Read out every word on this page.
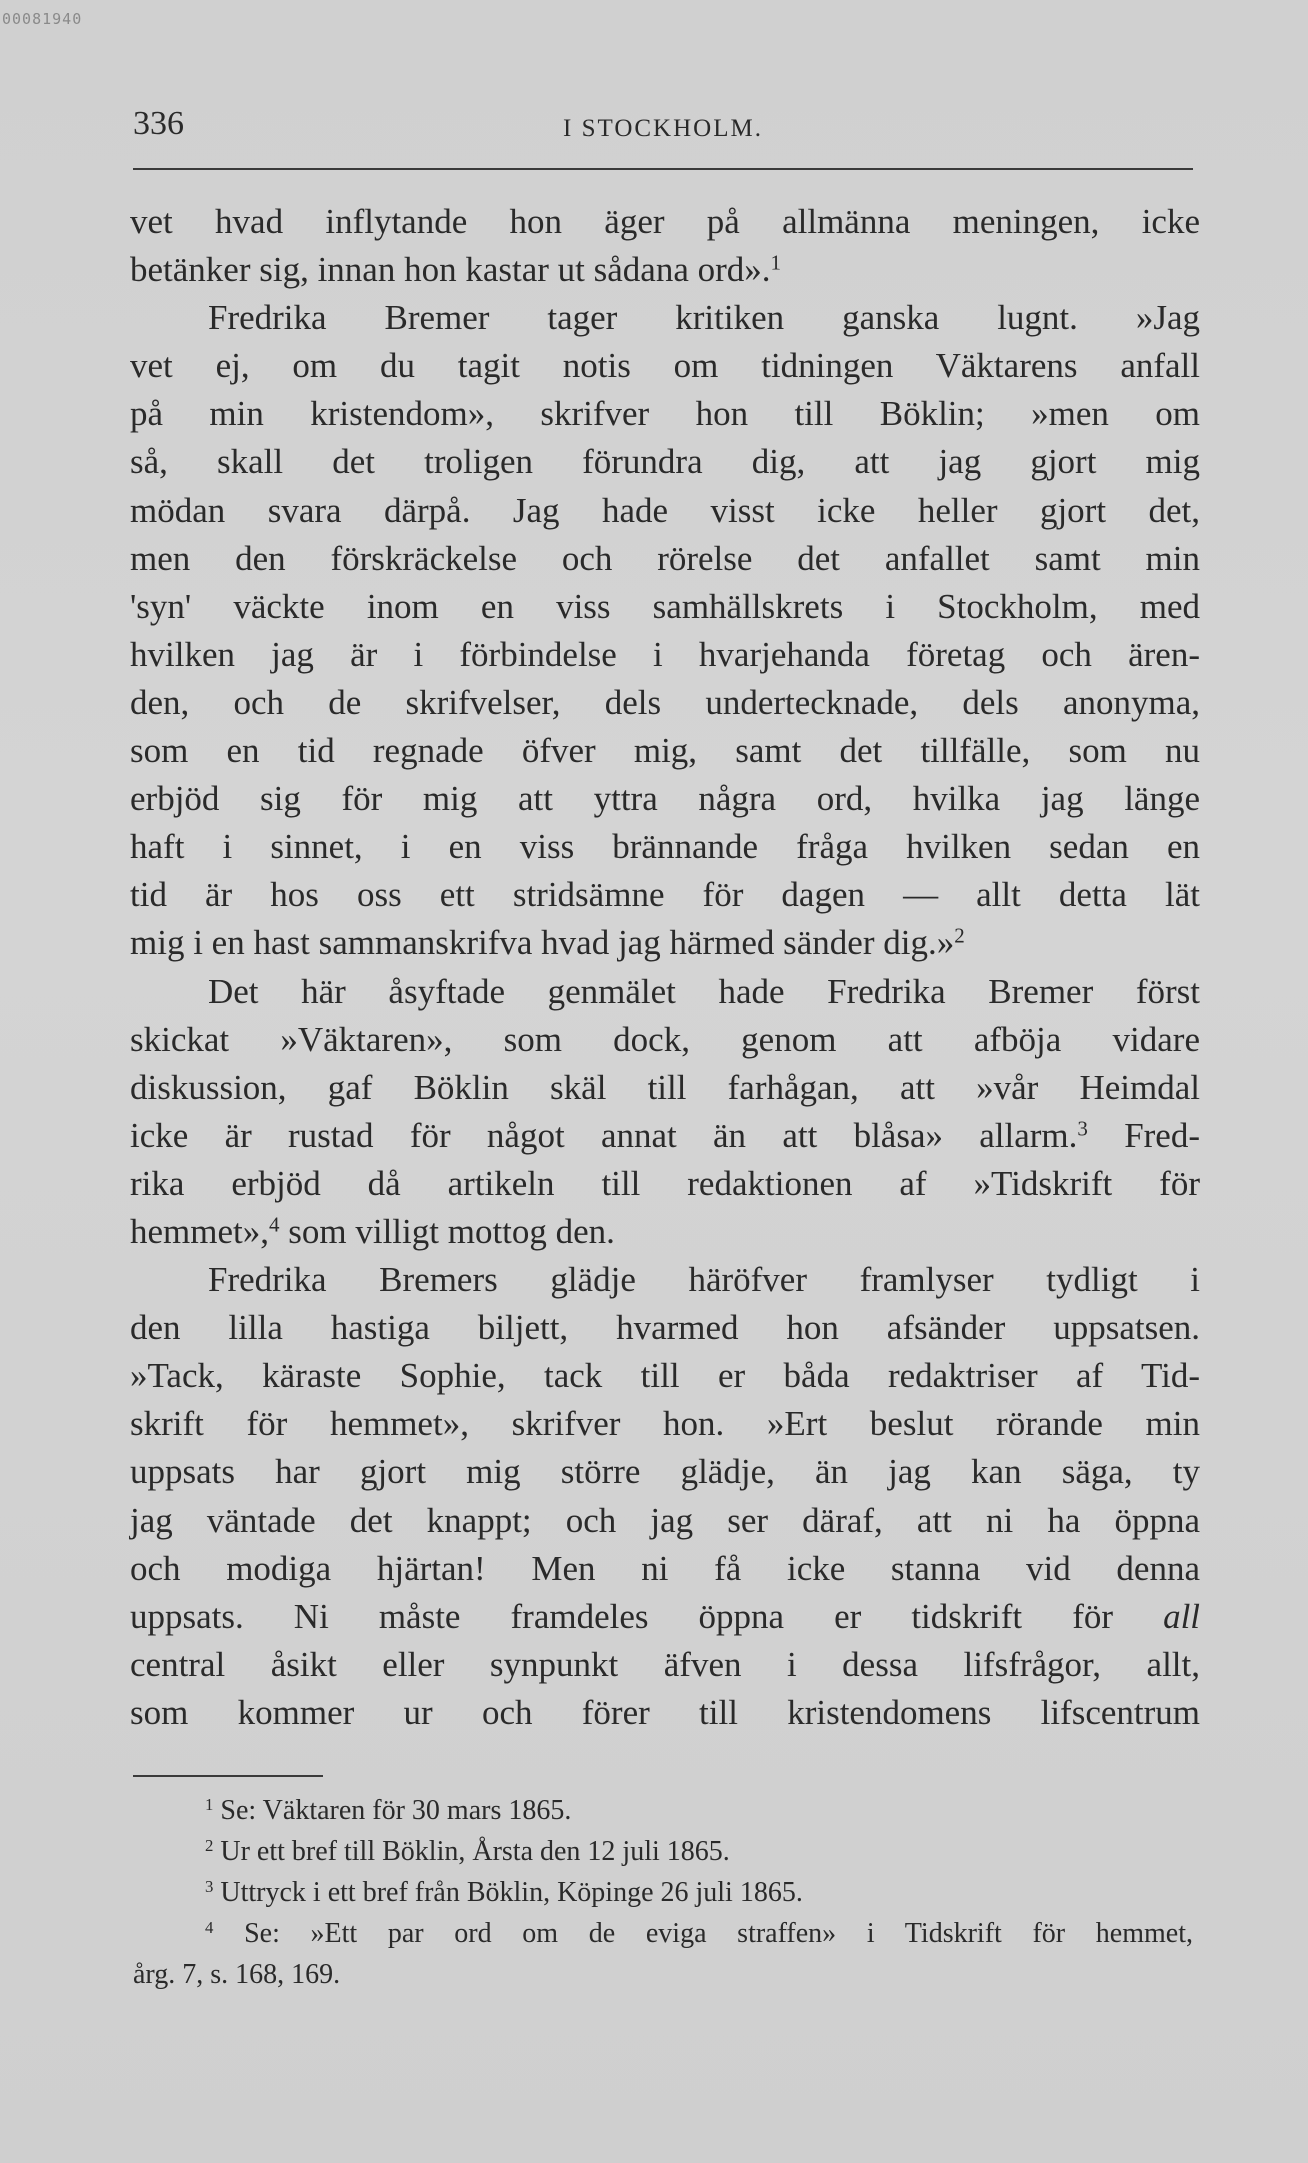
00081940
336	I STOCKHOLM.
vet hvad inflytande hon äger på allmänna meningen, icke
betänker sig, innan hon kastar ut sådana ord».$^1$
Fredrika Bremer tager kritiken ganska lugnt. »Jag
vet ej, om du tagit notis om tidningen Väktarens anfall
på min kristendom», skrifver hon till Böklin; »men om
så, skall det troligen förundra dig, att jag gjort mig
mödan svara därpå. Jag hade visst icke heller gjort det,
men den förskräckelse och rörelse det anfallet samt min
'syn' väckte inom en viss samhällskrets i Stockholm, med
hvilken jag är i förbindelse i hvarjehanda företag och ären-
den, och de skrifvelser, dels undertecknade, dels anonyma,
som en tid regnade öfver mig, samt det tillfälle, som nu
erbjöd sig för mig att yttra några ord, hvilka jag länge
haft i sinnet, i en viss brännande fråga hvilken sedan en
tid är hos oss ett stridsämne för dagen — allt detta lät
mig i en hast sammanskrifva hvad jag härmed sänder dig.»$^2$
Det här åsyftade genmälet hade Fredrika Bremer först
skickat »Väktaren», som dock, genom att afböja vidare
diskussion, gaf Böklin skäl till farhågan, att »vår Heimdal
icke är rustad för något annat än att blåsa» allarm.$^3$ Fred-
rika erbjöd då artikeln till redaktionen af »Tidskrift för
hemmet»,$^4$ som villigt mottog den.
Fredrika Bremers glädje häröfver framlyser tydligt i
den lilla hastiga biljett, hvarmed hon afsänder uppsatsen.
»Tack, käraste Sophie, tack till er båda redaktriser af Tid-
skrift för hemmet», skrifver hon. »Ert beslut rörande min
uppsats har gjort mig större glädje, än jag kan säga, ty
jag väntade det knappt; och jag ser däraf, att ni ha öppna
och modiga hjärtan! Men ni få icke stanna vid denna
uppsats. Ni måste framdeles öppna er tidskrift för all
central åsikt eller synpunkt äfven i dessa lifsfrågor, allt,
som kommer ur och förer till kristendomens lifscentrum
$^1$ Se: Väktaren för 30 mars 1865.
$^2$ Ur ett bref till Böklin, Årsta den 12 juli 1865.
$^3$ Uttryck i ett bref från Böklin, Köpinge 26 juli 1865.
$^4$ Se: »Ett par ord om de eviga straffen» i Tidskrift för hemmet,
årg. 7, s. 168, 169.
